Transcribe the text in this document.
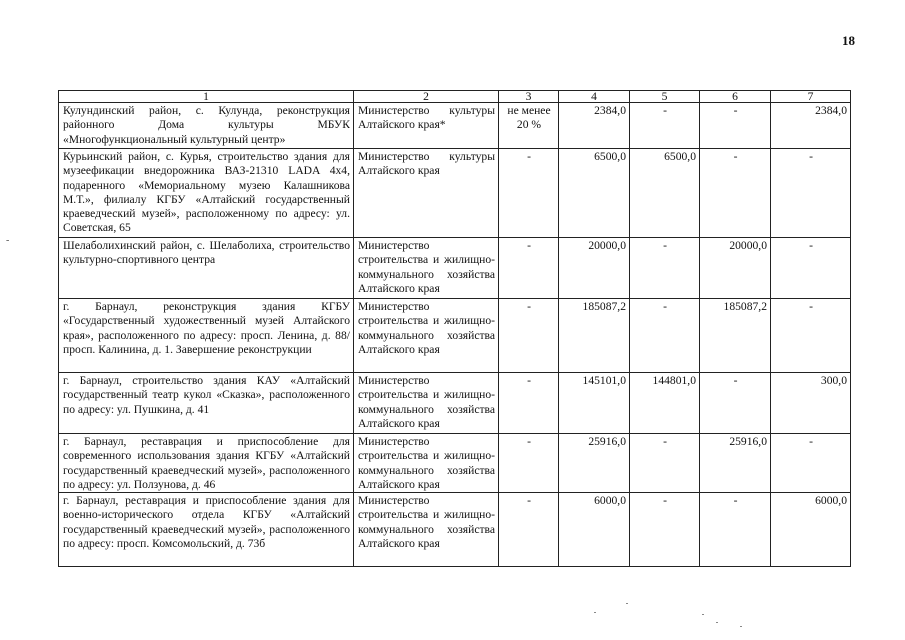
18
-
1	2	3	4	5	6	7
Кулундинский район, с. Кулунда, реконструкция районного Дома культуры МБУК «Многофункциональный культурный центр»	Министерство культуры Алтайского края*	не менее 20 %	2384,0	-	-	2384,0
Курьинский район, с. Курья, строительство здания для музеефикации внедорожника ВАЗ-21310 LADA 4x4, подаренного «Мемориальному музею Калашникова М.Т.», филиалу КГБУ «Алтайский государственный краеведческий музей», расположенному по адресу: ул. Советская, 65	Министерство культуры Алтайского края	-	6500,0	6500,0	-	-
Шелаболихинский район, с. Шелаболиха, строительство культурно-спортивного центра	Министерство строительства и жилищно-коммунального хозяйства Алтайского края	-	20000,0	-	20000,0	-
г. Барнаул, реконструкция здания КГБУ «Государственный художественный музей Алтайского края», расположенного по адресу: просп. Ленина, д. 88/ просп. Калинина, д. 1. Завершение реконструкции	Министерство строительства и жилищно-коммунального хозяйства Алтайского края	-	185087,2	-	185087,2	-
г. Барнаул, строительство здания КАУ «Алтайский государственный театр кукол «Сказка», расположенного по адресу: ул. Пушкина, д. 41	Министерство строительства и жилищно-коммунального хозяйства Алтайского края	-	145101,0	144801,0	-	300,0
г. Барнаул, реставрация и приспособление для современного использования здания КГБУ «Алтайский государственный краеведческий музей», расположенного по адресу: ул. Ползунова, д. 46	Министерство строительства и жилищно-коммунального хозяйства Алтайского края	-	25916,0	-	25916,0	-
г. Барнаул, реставрация и приспособление здания для военно-исторического отдела КГБУ «Алтайский государственный краеведческий музей», расположенного по адресу: просп. Комсомольский, д. 73б	Министерство строительства и жилищно-коммунального хозяйства Алтайского края	-	6000,0	-	-	6000,0
